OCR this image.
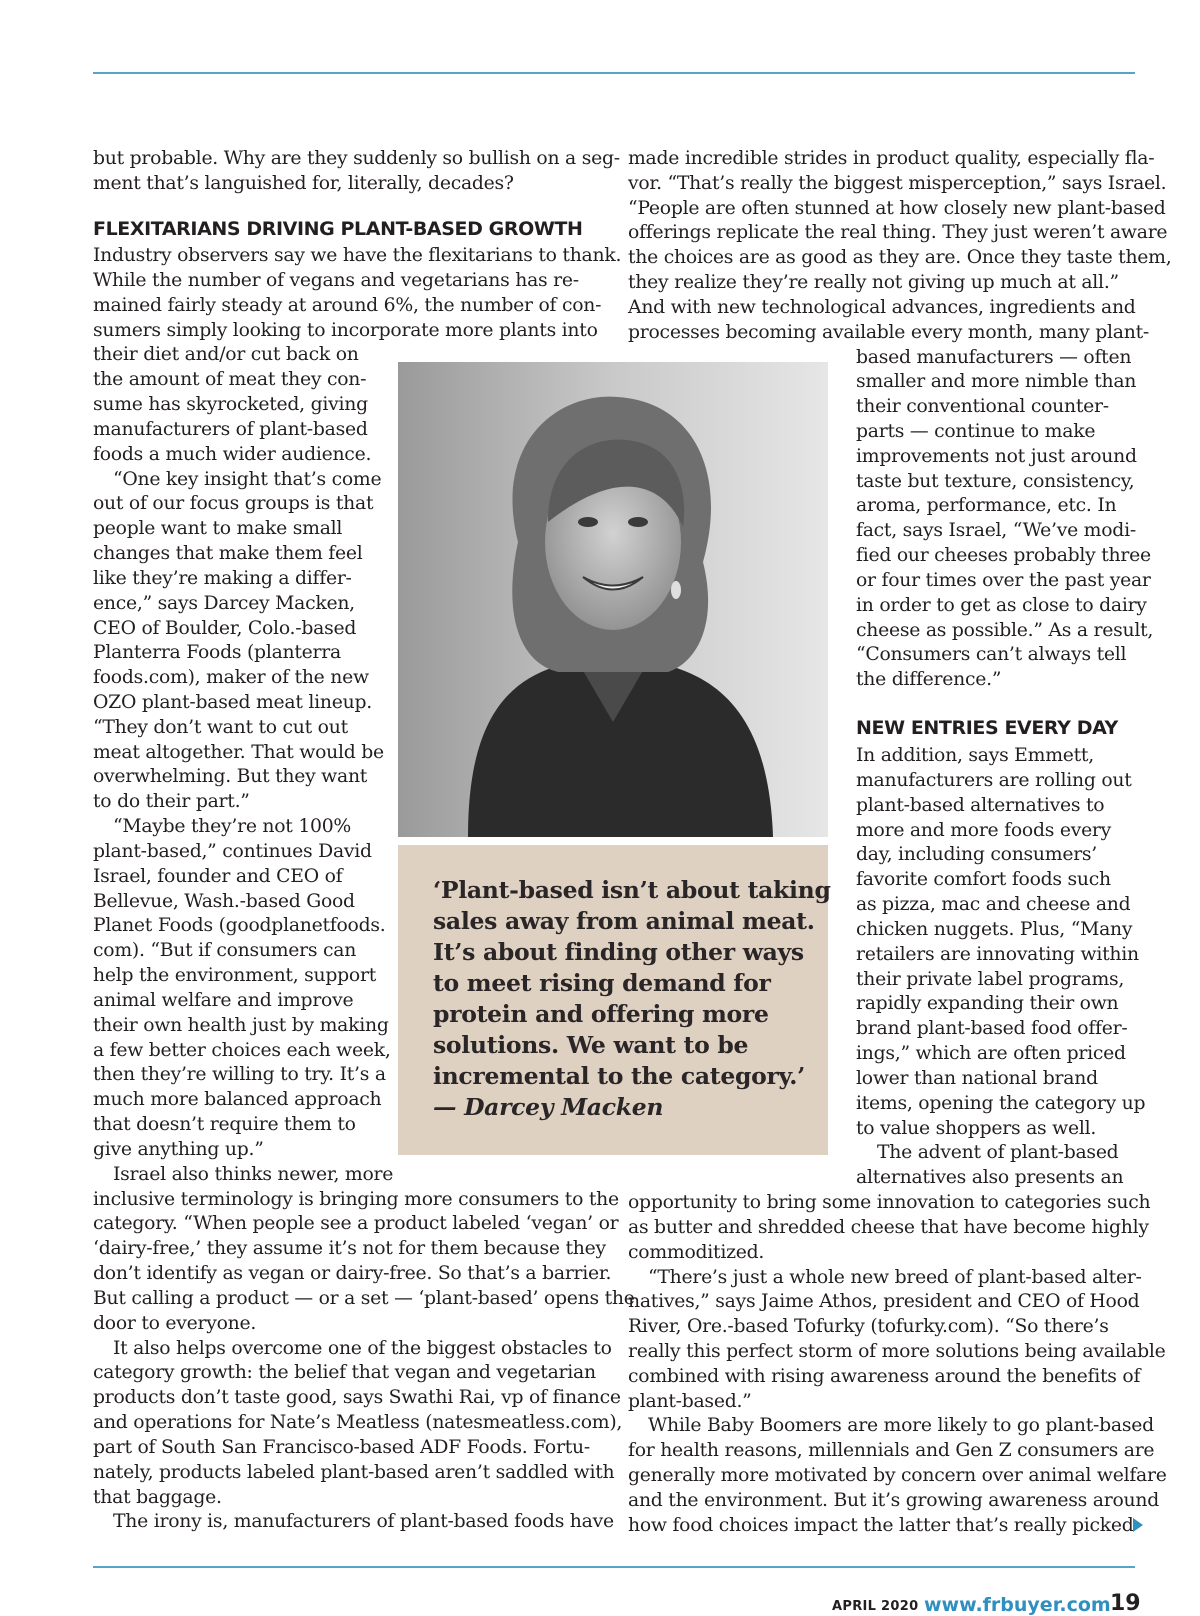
but probable. Why are they suddenly so bullish on a seg-
ment that’s languished for, literally, decades?
FLEXITARIANS DRIVING PLANT-BASED GROWTH
Industry observers say we have the flexitarians to thank.
While the number of vegans and vegetarians has re-
mained fairly steady at around 6%, the number of con-
sumers simply looking to incorporate more plants into
their diet and/or cut back on
the amount of meat they con-
sume has skyrocketed, giving
manufacturers of plant-based
foods a much wider audience.
“One key insight that’s come
out of our focus groups is that
people want to make small
changes that make them feel
like they’re making a differ-
ence,” says Darcey Macken,
CEO of Boulder, Colo.-based
Planterra Foods (planterra
foods.com), maker of the new
OZO plant-based meat lineup.
“They don’t want to cut out
meat altogether. That would be
overwhelming. But they want
to do their part.”
“Maybe they’re not 100%
plant-based,” continues David
Israel, founder and CEO of
Bellevue, Wash.-based Good
Planet Foods (goodplanetfoods.
com). “But if consumers can
help the environment, support
animal welfare and improve
their own health just by making
a few better choices each week,
then they’re willing to try. It’s a
much more balanced approach
that doesn’t require them to
give anything up.”
Israel also thinks newer, more
inclusive terminology is bringing more consumers to the
category. “When people see a product labeled ‘vegan’ or
‘dairy-free,’ they assume it’s not for them because they
don’t identify as vegan or dairy-free. So that’s a barrier.
But calling a product — or a set — ‘plant-based’ opens the
door to everyone.
It also helps overcome one of the biggest obstacles to
category growth: the belief that vegan and vegetarian
products don’t taste good, says Swathi Rai, vp of finance
and operations for Nate’s Meatless (natesmeatless.com),
part of South San Francisco-based ADF Foods. Fortu-
nately, products labeled plant-based aren’t saddled with
that baggage.
The irony is, manufacturers of plant-based foods have
‘Plant-based isn’t about taking
sales away from animal meat.
It’s about finding other ways
to meet rising demand for
protein and offering more
solutions. We want to be
incremental to the category.’
— Darcey Macken
made incredible strides in product quality, especially fla-
vor. “That’s really the biggest misperception,” says Israel.
“People are often stunned at how closely new plant-based
offerings replicate the real thing. They just weren’t aware
the choices are as good as they are. Once they taste them,
they realize they’re really not giving up much at all.”
And with new technological advances, ingredients and
processes becoming available every month, many plant-
based manufacturers — often
smaller and more nimble than
their conventional counter-
parts — continue to make
improvements not just around
taste but texture, consistency,
aroma, performance, etc. In
fact, says Israel, “We’ve modi-
fied our cheeses probably three
or four times over the past year
in order to get as close to dairy
cheese as possible.” As a result,
“Consumers can’t always tell
the difference.”
NEW ENTRIES EVERY DAY
In addition, says Emmett,
manufacturers are rolling out
plant-based alternatives to
more and more foods every
day, including consumers’
favorite comfort foods such
as pizza, mac and cheese and
chicken nuggets. Plus, “Many
retailers are innovating within
their private label programs,
rapidly expanding their own
brand plant-based food offer-
ings,” which are often priced
lower than national brand
items, opening the category up
to value shoppers as well.
The advent of plant-based
alternatives also presents an
opportunity to bring some innovation to categories such
as butter and shredded cheese that have become highly
commoditized.
“There’s just a whole new breed of plant-based alter-
natives,” says Jaime Athos, president and CEO of Hood
River, Ore.-based Tofurky (tofurky.com). “So there’s
really this perfect storm of more solutions being available
combined with rising awareness around the benefits of
plant-based.”
While Baby Boomers are more likely to go plant-based
for health reasons, millennials and Gen Z consumers are
generally more motivated by concern over animal welfare
and the environment. But it’s growing awareness around
how food choices impact the latter that’s really picked
APRIL 2020 www.frbuyer.com 19
